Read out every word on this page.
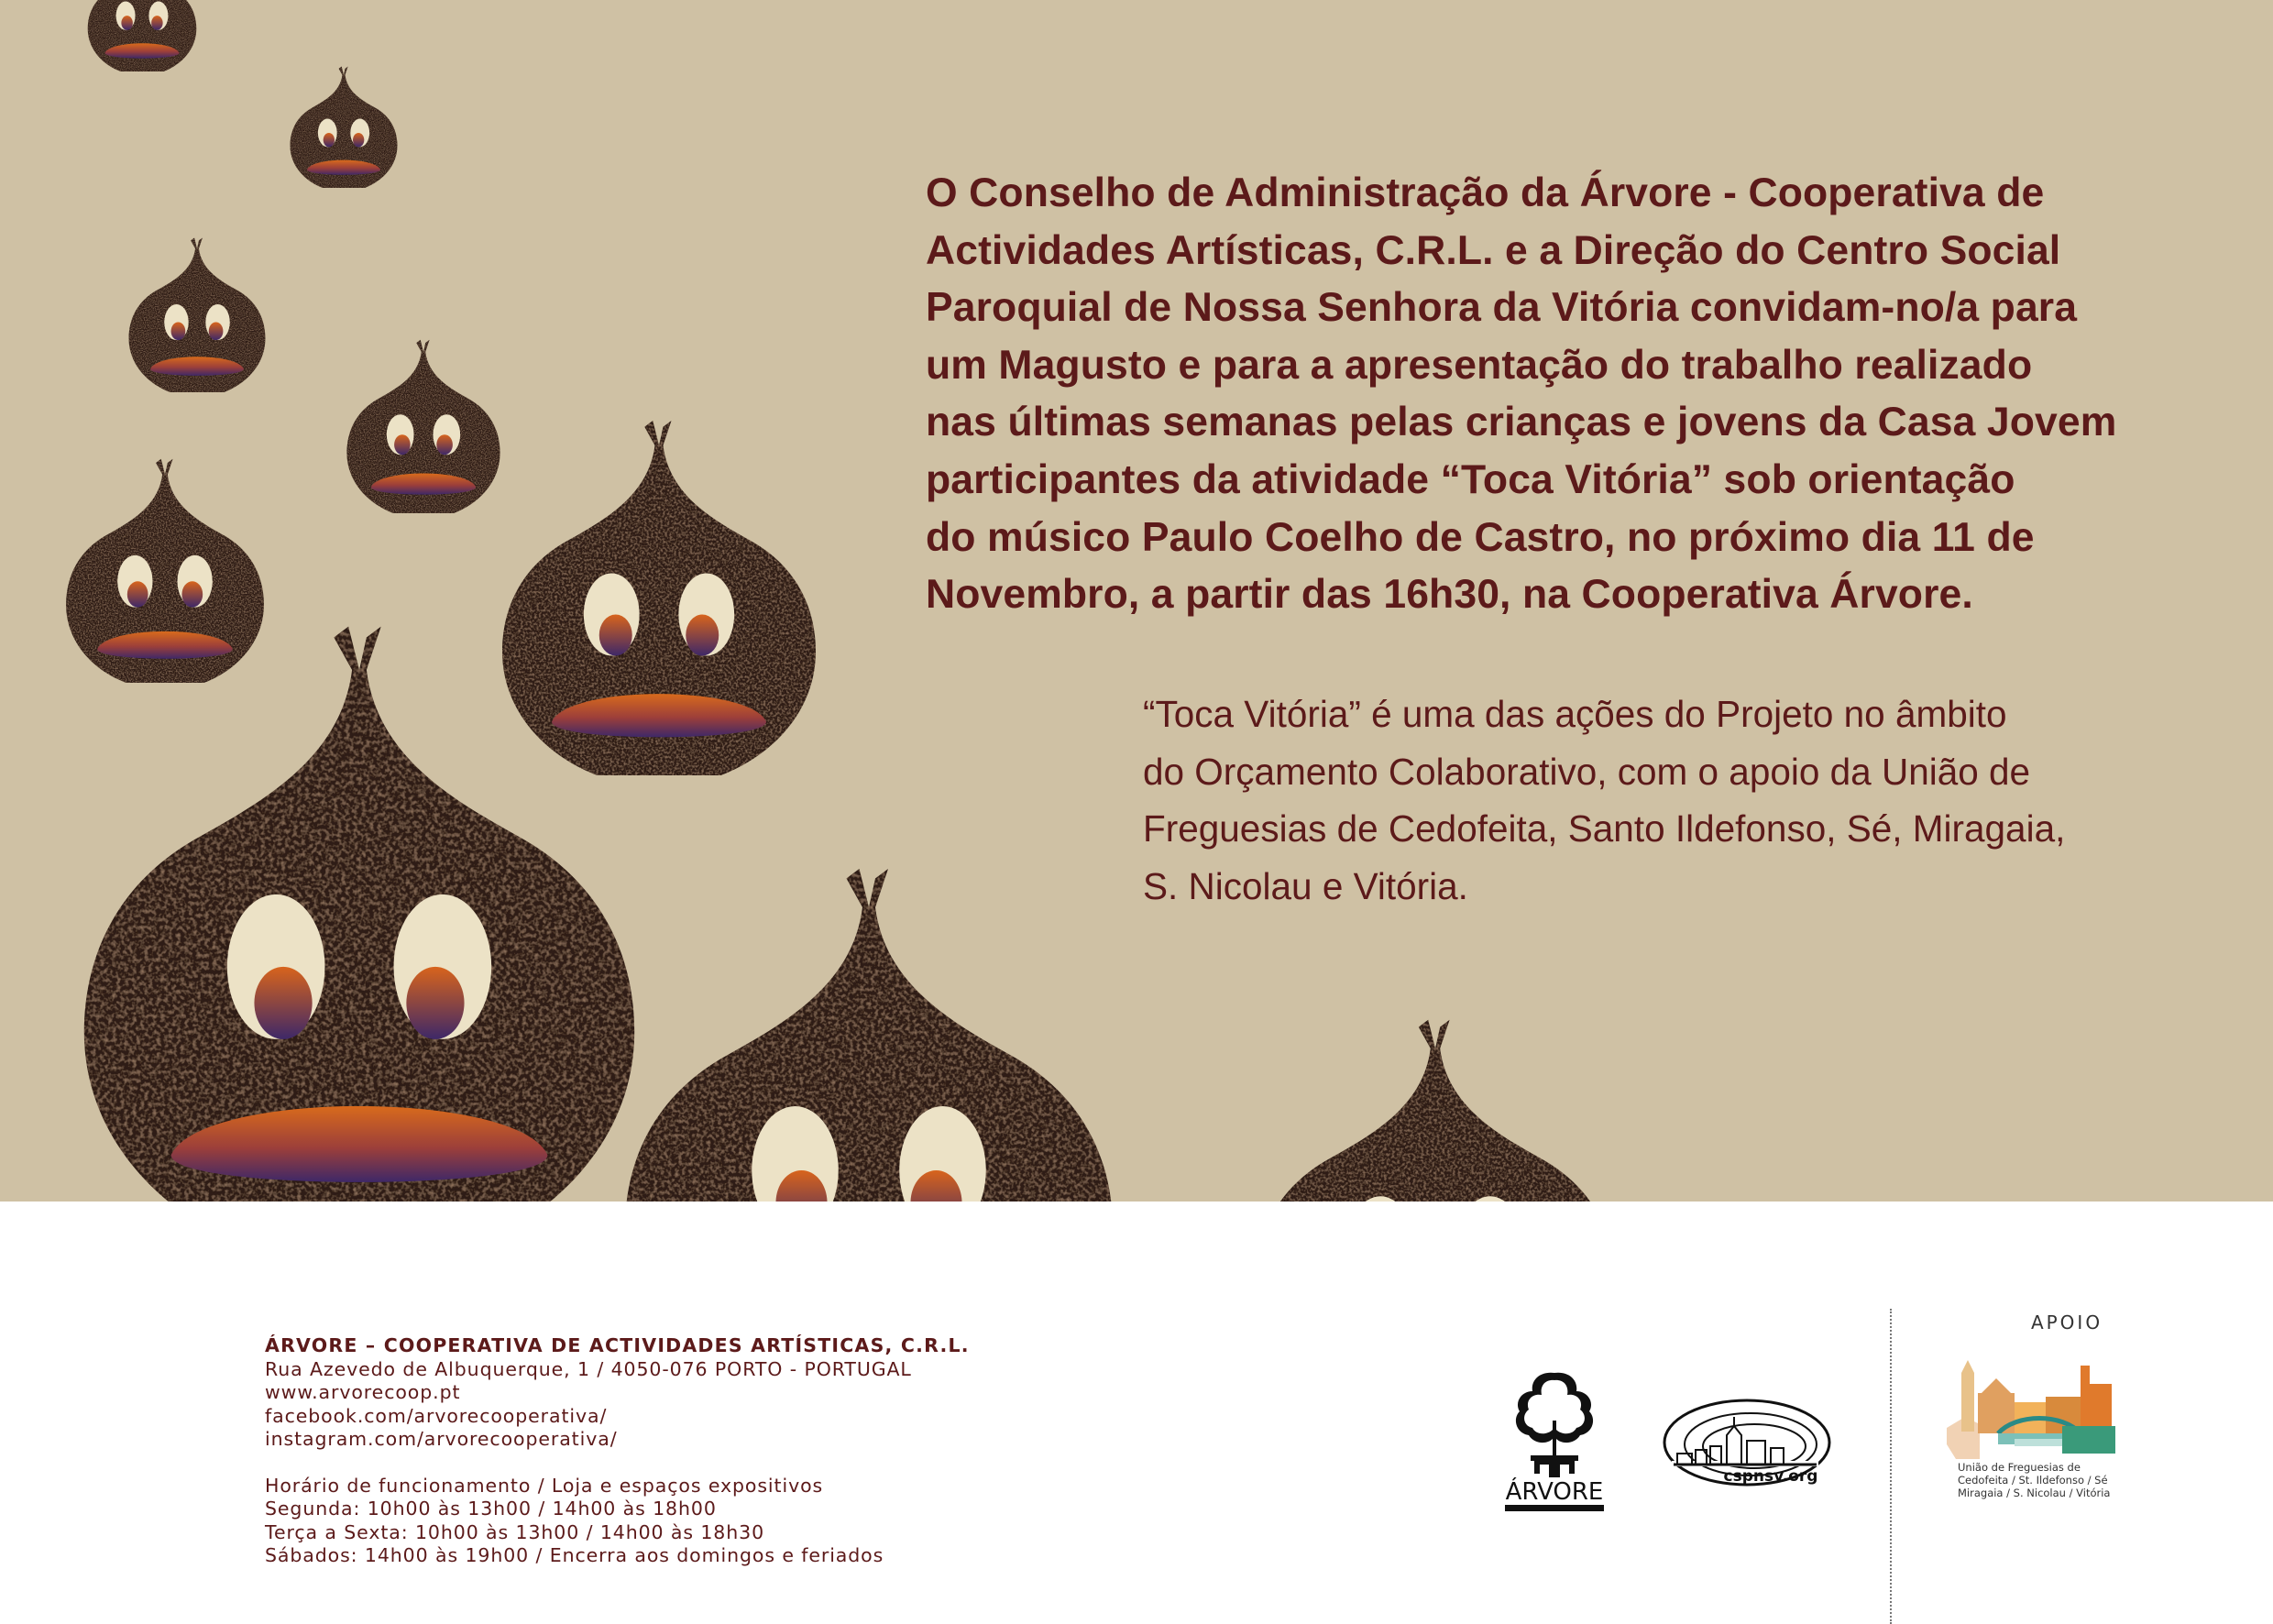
O Conselho de Administração da Árvore - Cooperativa de
Actividades Artísticas, C.R.L. e a Direção do Centro Social
Paroquial de Nossa Senhora da Vitória convidam-no/a para
um Magusto e para a apresentação do trabalho realizado
nas últimas semanas pelas crianças e jovens da Casa Jovem
participantes da atividade “Toca Vitória” sob orientação
do músico Paulo Coelho de Castro, no próximo dia 11 de
Novembro, a partir das 16h30, na Cooperativa Árvore.

“Toca Vitória” é uma das ações do Projeto no âmbito
do Orçamento Colaborativo, com o apoio da União de
Freguesias de Cedofeita, Santo Ildefonso, Sé, Miragaia,
S. Nicolau e Vitória.

ÁRVORE – COOPERATIVA DE ACTIVIDADES ARTÍSTICAS, C.R.L.
Rua Azevedo de Albuquerque, 1 / 4050-076 PORTO - PORTUGAL
www.arvorecoop.pt
facebook.com/arvorecooperativa/
instagram.com/arvorecooperativa/
Horário de funcionamento / Loja e espaços expositivos
Segunda: 10h00 às 13h00 / 14h00 às 18h00
Terça a Sexta: 10h00 às 13h00 / 14h00 às 18h30
Sábados: 14h00 às 19h00 / Encerra aos domingos e feriados
ÁRVORE
cspnsv.org
APOIO
União de Freguesias de
Cedofeita / St. Ildefonso / Sé
Miragaia / S. Nicolau / Vitória
